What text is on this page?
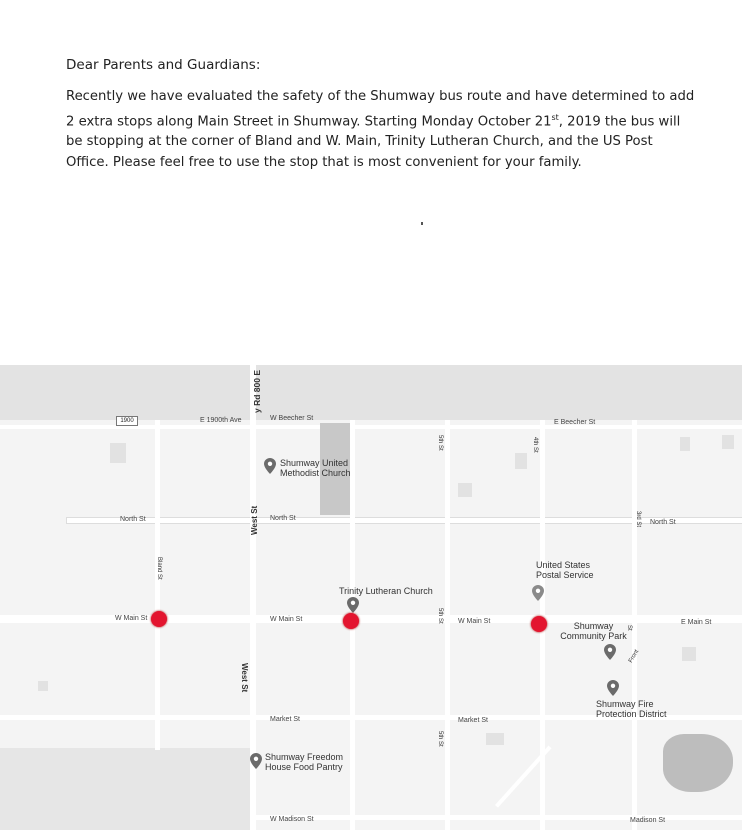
Dear Parents and Guardians:
Recently we have evaluated the safety of the Shumway bus route and have determined to add 2 extra stops along Main Street in Shumway. Starting Monday October 21st, 2019 the bus will be stopping at the corner of Bland and W. Main, Trinity Lutheran Church, and the US Post Office. Please feel free to use the stop that is most convenient for your family.
1900	E 1900th Ave
y Rd 800 E
W Beecher St
E Beecher St
North St	North St
North St
West St
West St
Bland St
W Main St	W Main St	W Main St	E Main St
Market St	Market St
W Madison St	Madison St
5th St
5th St
5th St
4th St
3rd St
Front
St
Shumway United Methodist Church
Trinity Lutheran Church
United States Postal Service
Shumway Community Park
Shumway Fire Protection District
Shumway Freedom House Food Pantry
